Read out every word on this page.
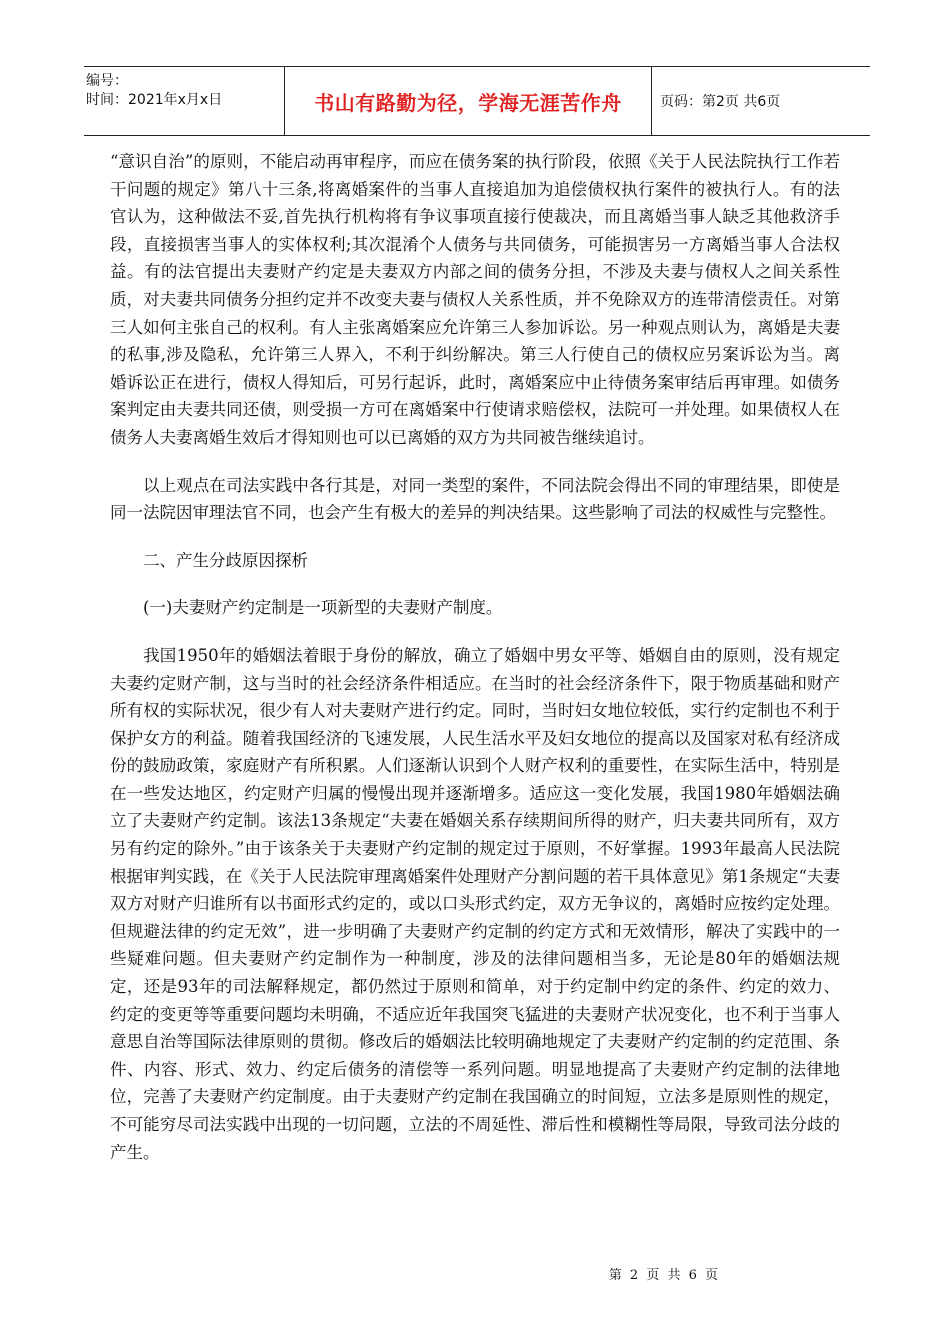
编号：
时间：2021年x月x日	书山有路勤为径，学海无涯苦作舟	页码：第2页 共6页

“意识自治”的原则，不能启动再审程序，而应在债务案的执行阶段，依照《关于人民法院执行工作若干问题的规定》第八十三条,将离婚案件的当事人直接追加为追偿债权执行案件的被执行人。有的法官认为，这种做法不妥,首先执行机构将有争议事项直接行使裁决，而且离婚当事人缺乏其他救济手段，直接损害当事人的实体权利;其次混淆个人债务与共同债务，可能损害另一方离婚当事人合法权益。有的法官提出夫妻财产约定是夫妻双方内部之间的债务分担，不涉及夫妻与债权人之间关系性质，对夫妻共同债务分担约定并不改变夫妻与债权人关系性质，并不免除双方的连带清偿责任。对第三人如何主张自己的权利。有人主张离婚案应允许第三人参加诉讼。另一种观点则认为，离婚是夫妻的私事,涉及隐私，允许第三人界入，不利于纠纷解决。第三人行使自己的债权应另案诉讼为当。离婚诉讼正在进行，债权人得知后，可另行起诉，此时，离婚案应中止待债务案审结后再审理。如债务案判定由夫妻共同还债，则受损一方可在离婚案中行使请求赔偿权，法院可一并处理。如果债权人在债务人夫妻离婚生效后才得知则也可以已离婚的双方为共同被告继续追讨。

以上观点在司法实践中各行其是，对同一类型的案件，不同法院会得出不同的审理结果，即使是同一法院因审理法官不同，也会产生有极大的差异的判决结果。这些影响了司法的权威性与完整性。

二、产生分歧原因探析

(一)夫妻财产约定制是一项新型的夫妻财产制度。

我国1950年的婚姻法着眼于身份的解放，确立了婚姻中男女平等、婚姻自由的原则，没有规定夫妻约定财产制，这与当时的社会经济条件相适应。在当时的社会经济条件下，限于物质基础和财产所有权的实际状况，很少有人对夫妻财产进行约定。同时，当时妇女地位较低，实行约定制也不利于保护女方的利益。随着我国经济的飞速发展，人民生活水平及妇女地位的提高以及国家对私有经济成份的鼓励政策，家庭财产有所积累。人们逐渐认识到个人财产权利的重要性，在实际生活中，特别是在一些发达地区，约定财产归属的慢慢出现并逐渐增多。适应这一变化发展，我国1980年婚姻法确立了夫妻财产约定制。该法13条规定“夫妻在婚姻关系存续期间所得的财产，归夫妻共同所有，双方另有约定的除外。”由于该条关于夫妻财产约定制的规定过于原则，不好掌握。1993年最高人民法院根据审判实践，在《关于人民法院审理离婚案件处理财产分割问题的若干具体意见》第1条规定“夫妻双方对财产归谁所有以书面形式约定的，或以口头形式约定，双方无争议的，离婚时应按约定处理。但规避法律的约定无效”，进一步明确了夫妻财产约定制的约定方式和无效情形，解决了实践中的一些疑难问题。但夫妻财产约定制作为一种制度，涉及的法律问题相当多，无论是80年的婚姻法规定，还是93年的司法解释规定，都仍然过于原则和简单，对于约定制中约定的条件、约定的效力、约定的变更等等重要问题均未明确，不适应近年我国突飞猛进的夫妻财产状况变化，也不利于当事人意思自治等国际法律原则的贯彻。修改后的婚姻法比较明确地规定了夫妻财产约定制的约定范围、条件、内容、形式、效力、约定后债务的清偿等一系列问题。明显地提高了夫妻财产约定制的法律地位，完善了夫妻财产约定制度。由于夫妻财产约定制在我国确立的时间短，立法多是原则性的规定，不可能穷尽司法实践中出现的一切问题，立法的不周延性、滞后性和模糊性等局限，导致司法分歧的产生。

第 2 页 共 6 页
